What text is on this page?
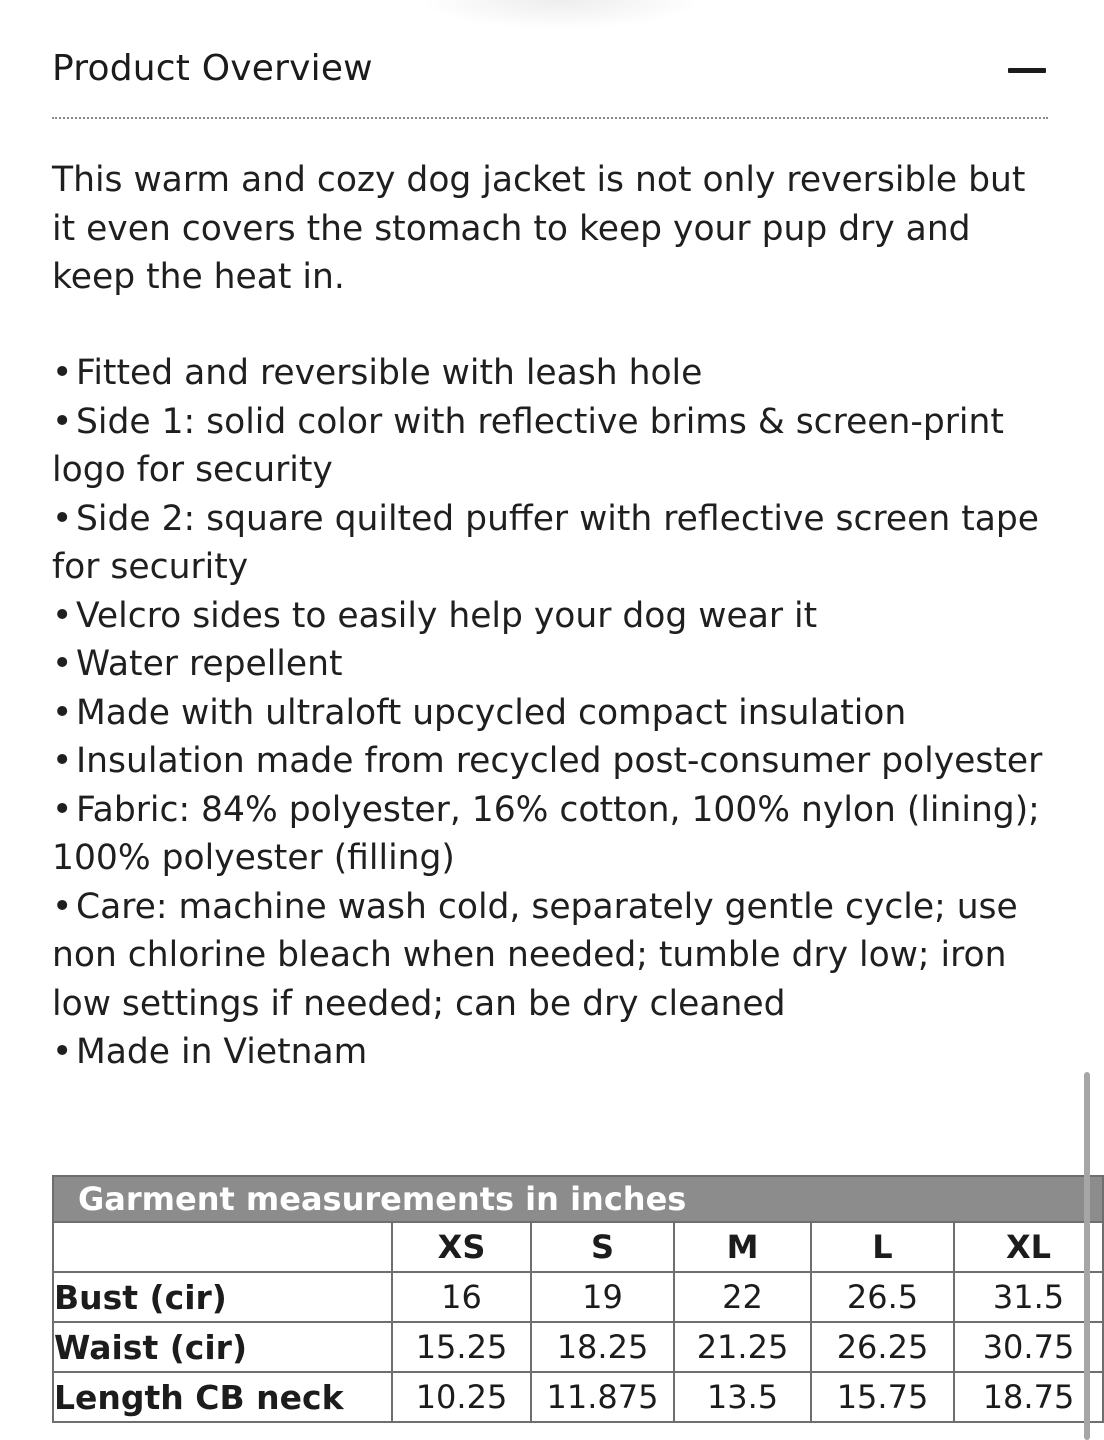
Product Overview

This warm and cozy dog jacket is not only reversible but it even covers the stomach to keep your pup dry and keep the heat in.

• Fitted and reversible with leash hole
• Side 1: solid color with reflective brims & screen-print logo for security
• Side 2: square quilted puffer with reflective screen tape for security
• Velcro sides to easily help your dog wear it
• Water repellent
• Made with ultraloft upcycled compact insulation
• Insulation made from recycled post-consumer polyester
• Fabric: 84% polyester, 16% cotton, 100% nylon (lining); 100% polyester (filling)
• Care: machine wash cold, separately gentle cycle; use non chlorine bleach when needed; tumble dry low; iron low settings if needed; can be dry cleaned
• Made in Vietnam
Garment measurements in inches					
	XS	S	M	L	XL
Bust (cir)	16	19	22	26.5	31.5
Waist (cir)	15.25	18.25	21.25	26.25	30.75
Length CB neck	10.25	11.875	13.5	15.75	18.75
